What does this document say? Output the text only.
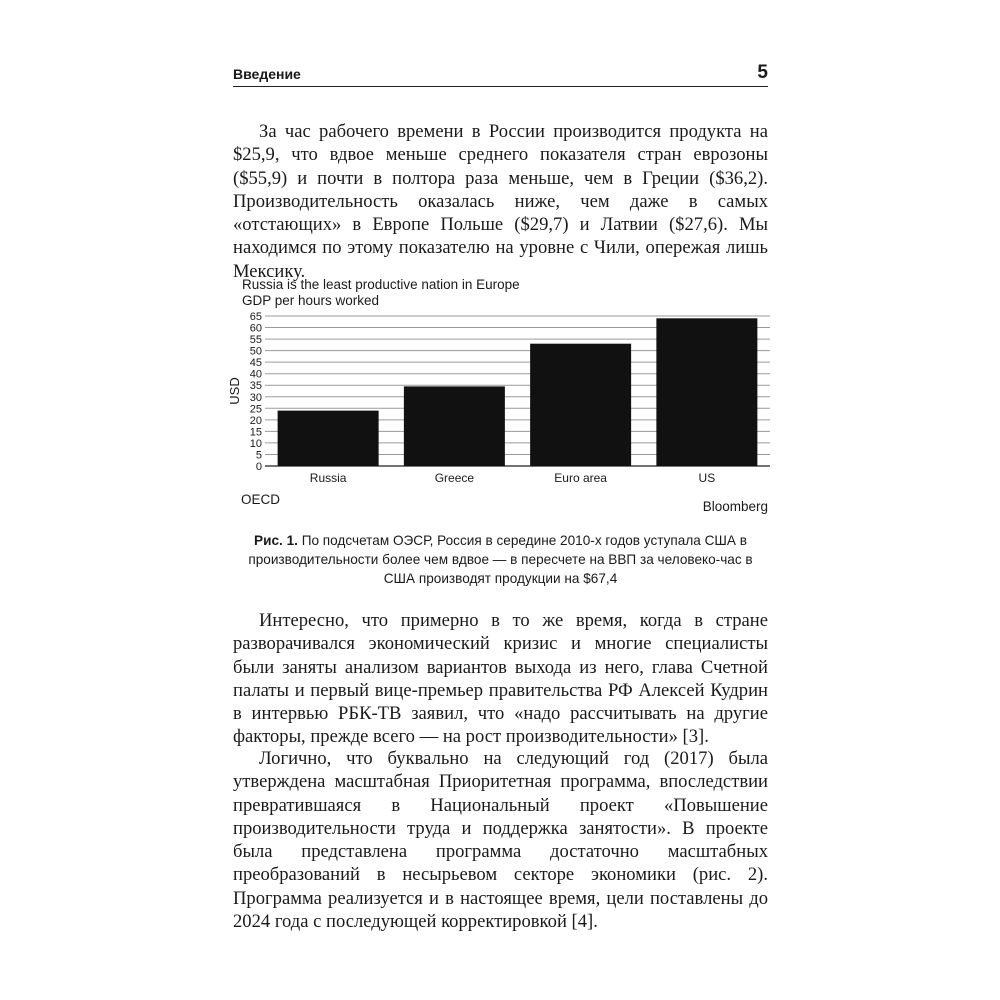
Введение	5

За час рабочего времени в России производится продукта на $25,9, что вдвое меньше среднего показателя стран еврозоны ($55,9) и почти в полтора раза меньше, чем в Греции ($36,2). Производительность оказалась ниже, чем даже в самых «отстающих» в Европе Польше ($29,7) и Латвии ($27,6). Мы находимся по этому показателю на уровне с Чили, опережая лишь Мексику.

Russia is the least productive nation in Europe
GDP per hours worked
0
5
10
15
20
25
30
35
40
45
50
55
60
65
USD
Russia	Greece	Euro area	US
OECD	Bloomberg
Рис. 1. По подсчетам ОЭСР, Россия в середине 2010-х годов уступала США в производительности более чем вдвое — в пересчете на ВВП за человеко-час в США производят продукции на $67,4

Интересно, что примерно в то же время, когда в стране разворачивался экономический кризис и многие специалисты были заняты анализом вариантов выхода из него, глава Счетной палаты и первый вице-премьер правительства РФ Алексей Кудрин в интервью РБК-ТВ заявил, что «надо рассчитывать на другие факторы, прежде всего — на рост производительности» [3].

Логично, что буквально на следующий год (2017) была утверждена масштабная Приоритетная программа, впоследствии превратившаяся в Национальный проект «Повышение производительности труда и поддержка занятости». В проекте была представлена программа достаточно масштабных преобразований в несырьевом секторе экономики (рис. 2). Программа реализуется и в настоящее время, цели поставлены до 2024 года с последующей корректировкой [4].
